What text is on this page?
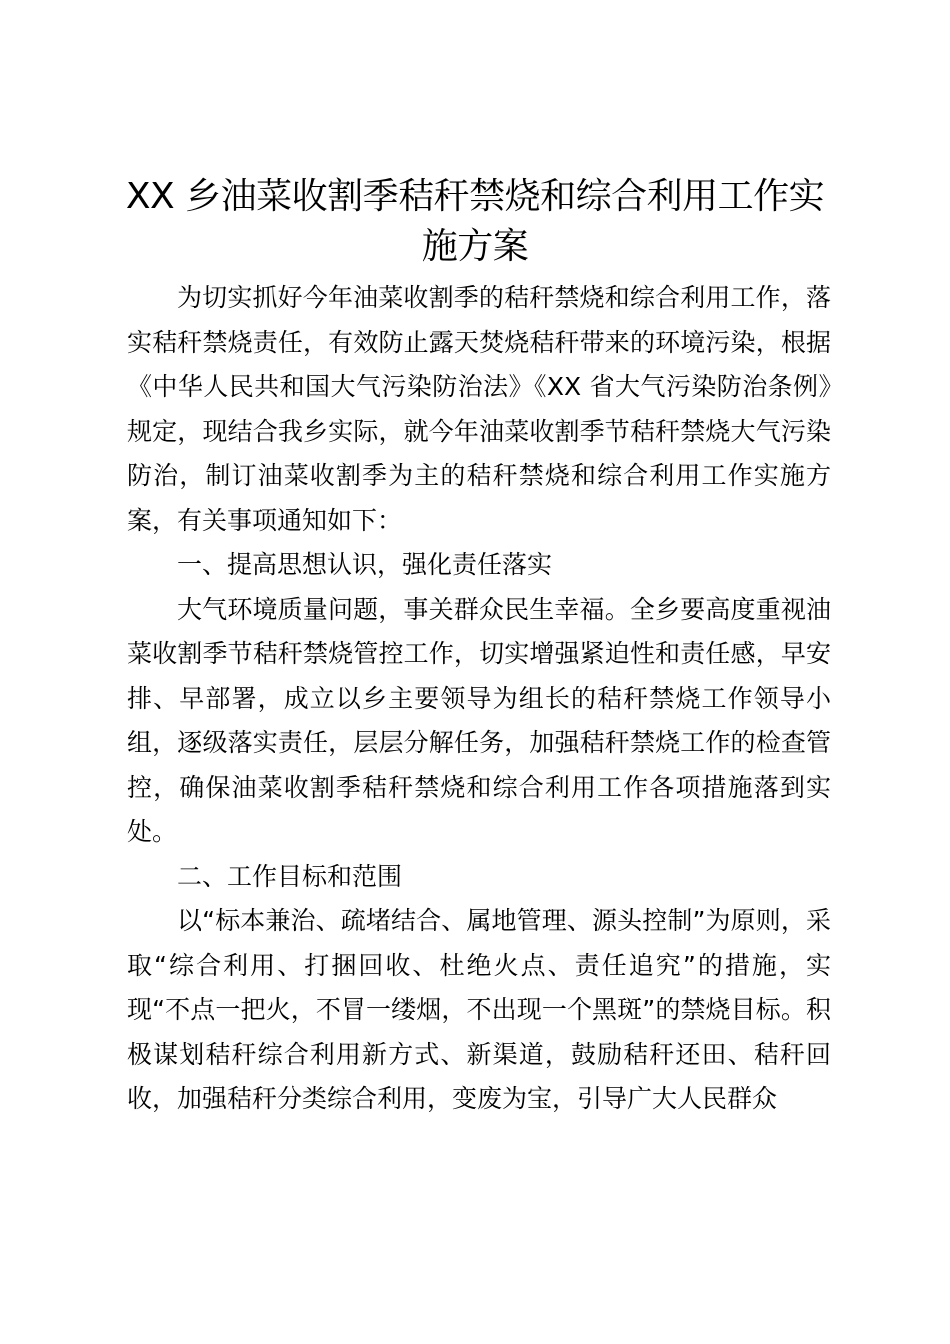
XX 乡油菜收割季秸秆禁烧和综合利用工作实施方案

为切实抓好今年油菜收割季的秸秆禁烧和综合利用工作，落实秸秆禁烧责任，有效防止露天焚烧秸秆带来的环境污染，根据《中华人民共和国大气污染防治法》《XX 省大气污染防治条例》规定，现结合我乡实际，就今年油菜收割季节秸秆禁烧大气污染防治，制订油菜收割季为主的秸秆禁烧和综合利用工作实施方案，有关事项通知如下：

一、提高思想认识，强化责任落实

大气环境质量问题，事关群众民生幸福。全乡要高度重视油菜收割季节秸秆禁烧管控工作，切实增强紧迫性和责任感，早安排、早部署，成立以乡主要领导为组长的秸秆禁烧工作领导小组，逐级落实责任，层层分解任务，加强秸秆禁烧工作的检查管控，确保油菜收割季秸秆禁烧和综合利用工作各项措施落到实处。

二、工作目标和范围

以“标本兼治、疏堵结合、属地管理、源头控制”为原则，采取“综合利用、打捆回收、杜绝火点、责任追究”的措施，实现“不点一把火，不冒一缕烟，不出现一个黑斑”的禁烧目标。积极谋划秸秆综合利用新方式、新渠道，鼓励秸秆还田、秸秆回收，加强秸秆分类综合利用，变废为宝，引导广大人民群众
